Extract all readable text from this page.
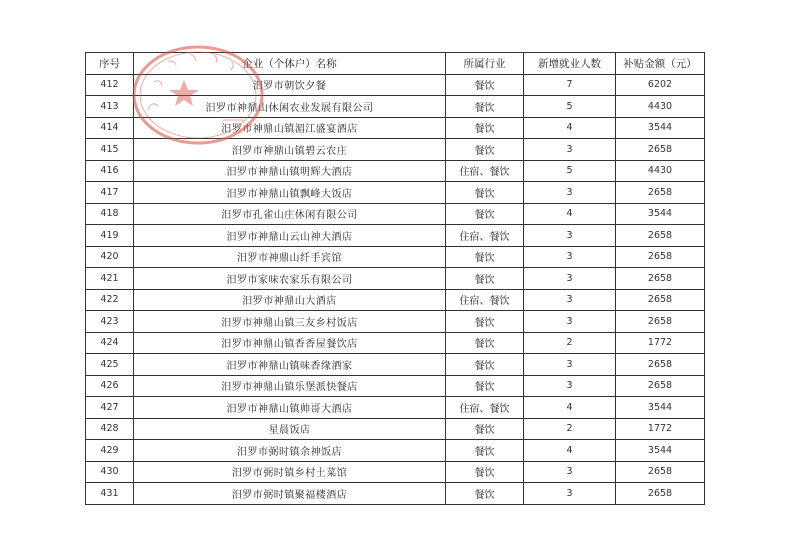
序号	企业（个体户）名称	所属行业	新增就业人数	补贴金额（元）
412	汨罗市朝饮夕餐	餐饮	7	6202
413	汨罗市神鼎山休闲农业发展有限公司	餐饮	5	4430
414	汨罗市神鼎山镇湄江盛宴酒店	餐饮	4	3544
415	汨罗市神鼎山镇碧云农庄	餐饮	3	2658
416	汨罗市神鼎山镇明辉大酒店	住宿、餐饮	5	4430
417	汨罗市神鼎山镇飘峰大饭店	餐饮	3	2658
418	汨罗市孔雀山庄休闲有限公司	餐饮	4	3544
419	汨罗市神鼎山云山神大酒店	住宿、餐饮	3	2658
420	汨罗市神鼎山纤手宾馆	餐饮	3	2658
421	汨罗市家味农家乐有限公司	餐饮	3	2658
422	汨罗市神鼎山大酒店	住宿、餐饮	3	2658
423	汨罗市神鼎山镇三友乡村饭店	餐饮	3	2658
424	汨罗市神鼎山镇香香屋餐饮店	餐饮	2	1772
425	汨罗市神鼎山镇味香缘酒家	餐饮	3	2658
426	汨罗市神鼎山镇乐堡派快餐店	餐饮	3	2658
427	汨罗市神鼎山镇帅哥大酒店	住宿、餐饮	4	3544
428	星晨饭店	餐饮	2	1772
429	汨罗市弼时镇余神饭店	餐饮	4	3544
430	汨罗市弼时镇乡村土菜馆	餐饮	3	2658
431	汨罗市弼时镇聚福楼酒店	餐饮	3	2658
